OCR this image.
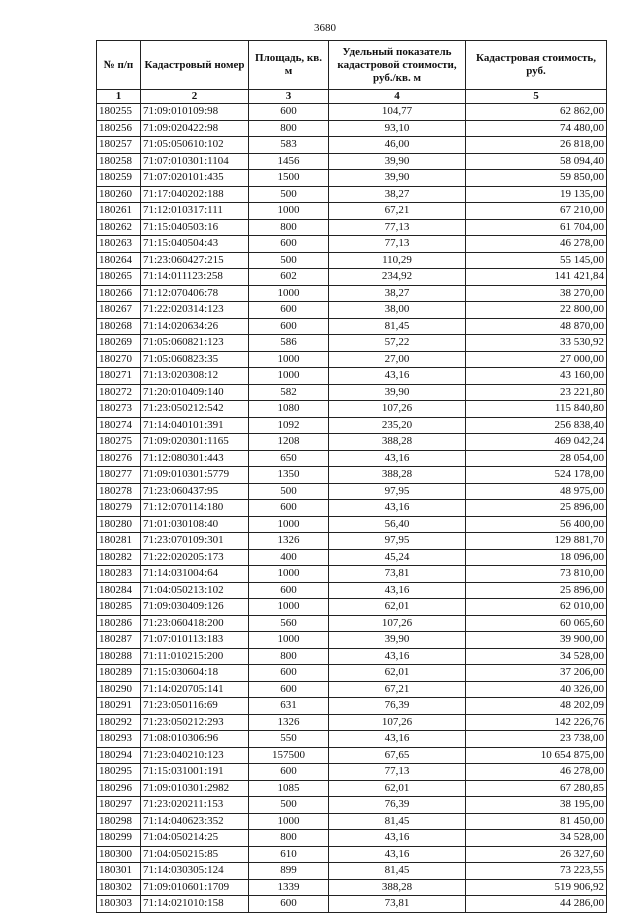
3680
№ п/п	Кадастровый номер	Площадь, кв. м	Удельный показатель кадастровой стоимости, руб./кв. м	Кадастровая стоимость, руб.
1	2	3	4	5
180255	71:09:010109:98	600	104,77	62 862,00
180256	71:09:020422:98	800	93,10	74 480,00
180257	71:05:050610:102	583	46,00	26 818,00
180258	71:07:010301:1104	1456	39,90	58 094,40
180259	71:07:020101:435	1500	39,90	59 850,00
180260	71:17:040202:188	500	38,27	19 135,00
180261	71:12:010317:111	1000	67,21	67 210,00
180262	71:15:040503:16	800	77,13	61 704,00
180263	71:15:040504:43	600	77,13	46 278,00
180264	71:23:060427:215	500	110,29	55 145,00
180265	71:14:011123:258	602	234,92	141 421,84
180266	71:12:070406:78	1000	38,27	38 270,00
180267	71:22:020314:123	600	38,00	22 800,00
180268	71:14:020634:26	600	81,45	48 870,00
180269	71:05:060821:123	586	57,22	33 530,92
180270	71:05:060823:35	1000	27,00	27 000,00
180271	71:13:020308:12	1000	43,16	43 160,00
180272	71:20:010409:140	582	39,90	23 221,80
180273	71:23:050212:542	1080	107,26	115 840,80
180274	71:14:040101:391	1092	235,20	256 838,40
180275	71:09:020301:1165	1208	388,28	469 042,24
180276	71:12:080301:443	650	43,16	28 054,00
180277	71:09:010301:5779	1350	388,28	524 178,00
180278	71:23:060437:95	500	97,95	48 975,00
180279	71:12:070114:180	600	43,16	25 896,00
180280	71:01:030108:40	1000	56,40	56 400,00
180281	71:23:070109:301	1326	97,95	129 881,70
180282	71:22:020205:173	400	45,24	18 096,00
180283	71:14:031004:64	1000	73,81	73 810,00
180284	71:04:050213:102	600	43,16	25 896,00
180285	71:09:030409:126	1000	62,01	62 010,00
180286	71:23:060418:200	560	107,26	60 065,60
180287	71:07:010113:183	1000	39,90	39 900,00
180288	71:11:010215:200	800	43,16	34 528,00
180289	71:15:030604:18	600	62,01	37 206,00
180290	71:14:020705:141	600	67,21	40 326,00
180291	71:23:050116:69	631	76,39	48 202,09
180292	71:23:050212:293	1326	107,26	142 226,76
180293	71:08:010306:96	550	43,16	23 738,00
180294	71:23:040210:123	157500	67,65	10 654 875,00
180295	71:15:031001:191	600	77,13	46 278,00
180296	71:09:010301:2982	1085	62,01	67 280,85
180297	71:23:020211:153	500	76,39	38 195,00
180298	71:14:040623:352	1000	81,45	81 450,00
180299	71:04:050214:25	800	43,16	34 528,00
180300	71:04:050215:85	610	43,16	26 327,60
180301	71:14:030305:124	899	81,45	73 223,55
180302	71:09:010601:1709	1339	388,28	519 906,92
180303	71:14:021010:158	600	73,81	44 286,00
